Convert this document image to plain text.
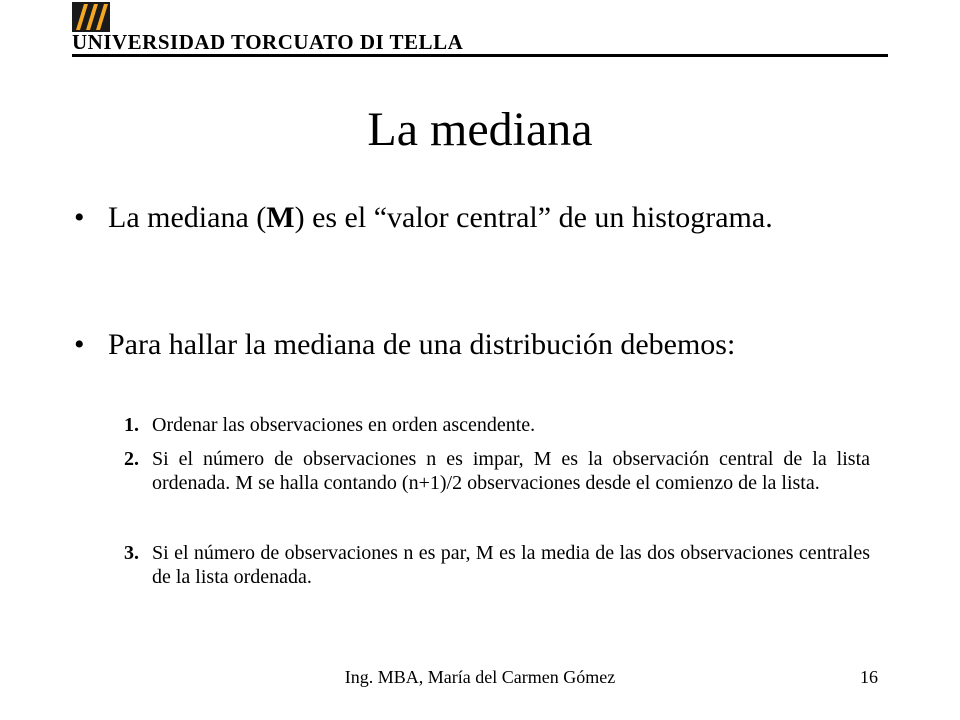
UNIVERSIDAD TORCUATO DI TELLA
La mediana
• La mediana (M) es el “valor central” de un histograma.
• Para hallar la mediana de una distribución debemos:
1. Ordenar las observaciones en orden ascendente.
2. Si el número de observaciones n es impar, M es la observación central de la lista ordenada. M se halla contando (n+1)/2 observaciones desde el comienzo de la lista.
3. Si el número de observaciones n es par, M es la media de las dos observaciones centrales de la lista ordenada.
Ing. MBA, María del Carmen Gómez	16
